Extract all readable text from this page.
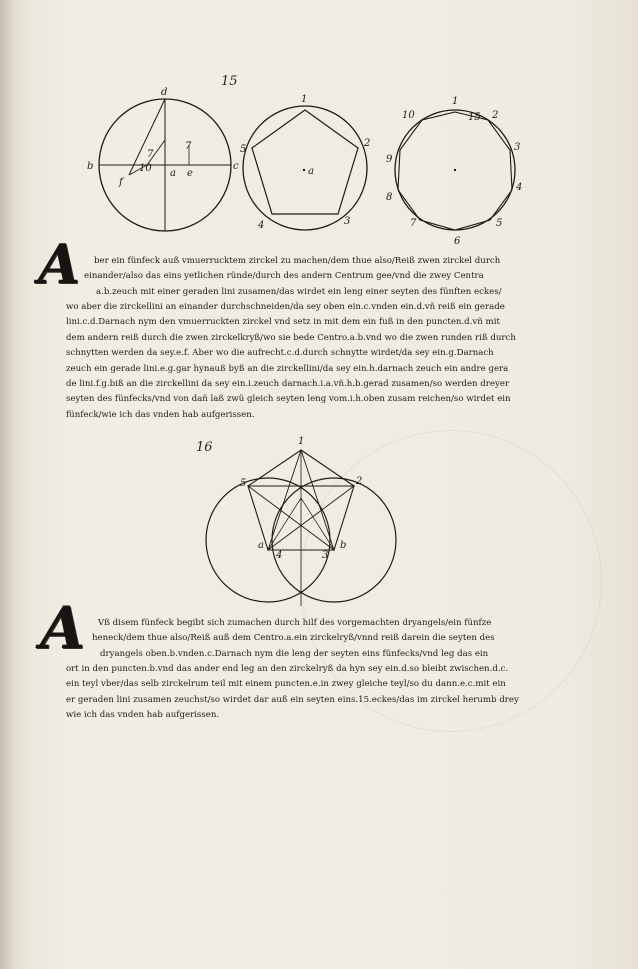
15
d
b	c
f
7
7
10 a e
1
2
3
4
5
a
1
15
10	2
3
4
5
6
7
8
9
A	ber ein fünfeck auß vmuerrucktem zirckel zu machen/dem thue also/Reiß zwen zirckel durch
einander/also das eins yetlichen ründe/durch des andern Centrum gee/vnd die zwey Centra
a.b.zeuch mit einer geraden lini zusamen/das wirdet ein leng einer seyten des fünften eckes/
wo aber die zirckellini an einander durchschneiden/da sey oben ein.c.vnden ein.d.vñ reiß ein gerade
lini.c.d.Darnach nym den vmuerruckten zirckel vnd setz in mit dem ein fuß in den puncten.d.vñ mit
dem andern reiß durch die zwen zirckelkryß/wo sie bede Centro.a.b.vnd wo die zwen runden riß durch
schnytten werden da sey.e.f. Aber wo die aufrecht.c.d.durch schnytte wirdet/da sey ein.g.Darnach
zeuch ein gerade lini.e.g.gar hynauß byß an die zirckellini/da sey ein.h.darnach zeuch ein andre gera
de lini.f.g.biß an die zirckellini da sey ein.i.zeuch darnach.i.a.vñ.h.b.gerad zusamen/so werden dreyer
seyten des fünfecks/vnd von dañ laß zwü gleich seyten leng vom.i.h.oben zusam reichen/so wirdet ein
fünfeck/wie ich das vnden hab aufgerissen.
16	1
2
5
4	3
a	b
A	Vß disem fünfeck begibt sich zumachen durch hilf des vorgemachten dryangels/ein fünfze
heneck/dem thue also/Reiß auß dem Centro.a.ein zirckelryß/vnnd reiß darein die seyten des
dryangels oben.b.vnden.c.Darnach nym die leng der seyten eins fünfecks/vnd leg das ein
ort in den puncten.b.vnd das ander end leg an den zirckelryß da hyn sey ein.d.so bleibt zwischen.d.c.
ein teyl vber/das selb zirckelrum teil mit einem puncten.e.in zwey gleiche teyl/so du dann.e.c.mit ein
er geraden lini zusamen zeuchst/so wirdet dar auß ein seyten eins.15.eckes/das im zirckel herumb drey
wie ich das vnden hab aufgerissen.
